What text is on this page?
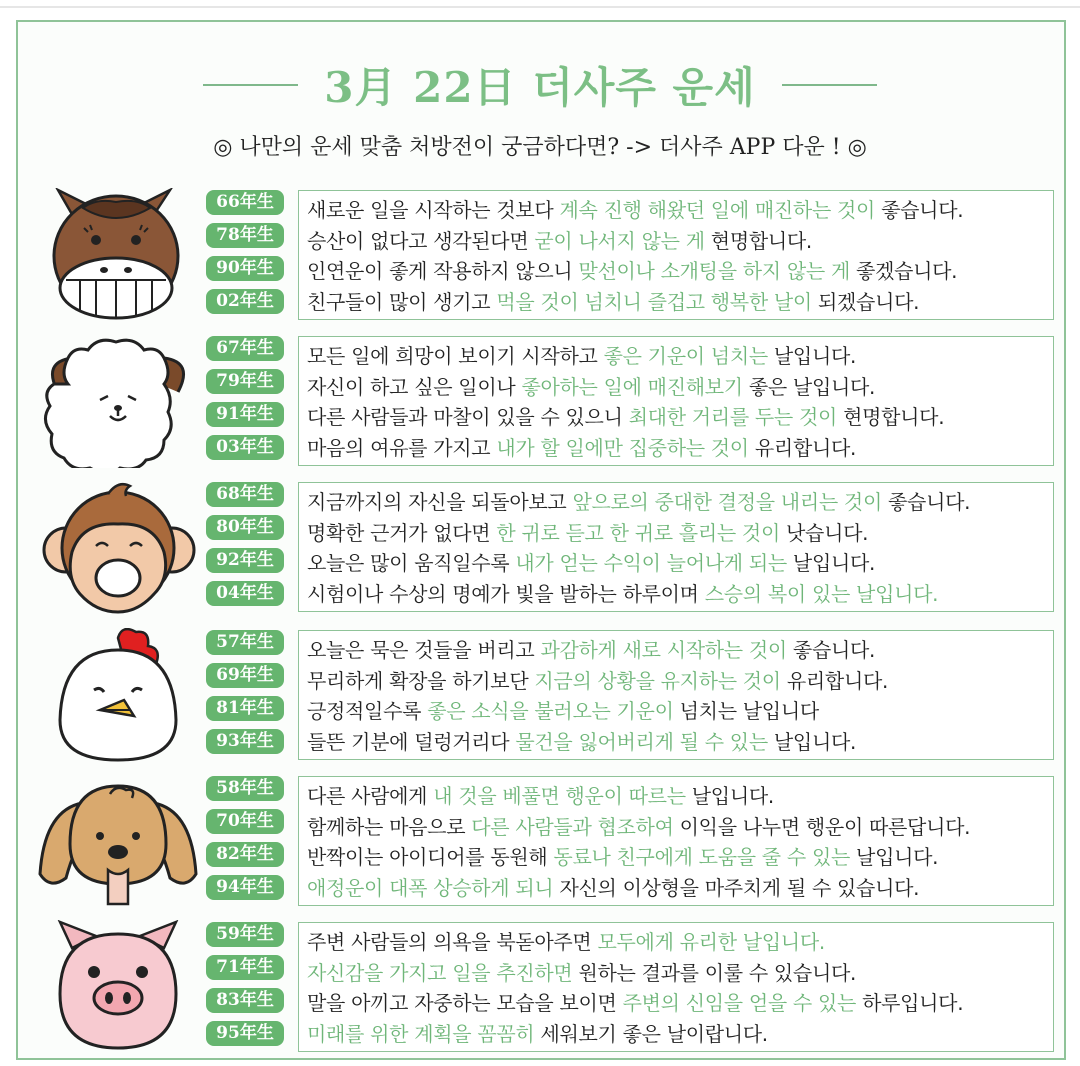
3月 22日 더사주 운세
◎ 나만의 운세 맞춤 처방전이 궁금하다면? -> 더사주 APP 다운 ! ◎
66年生
78年生
90年生
02年生
새로운 일을 시작하는 것보다 계속 진행 해왔던 일에 매진하는 것이 좋습니다.
승산이 없다고 생각된다면 굳이 나서지 않는 게 현명합니다.
인연운이 좋게 작용하지 않으니 맞선이나 소개팅을 하지 않는 게 좋겠습니다.
친구들이 많이 생기고 먹을 것이 넘치니 즐겁고 행복한 날이 되겠습니다.
67年生
79年生
91年生
03年生
모든 일에 희망이 보이기 시작하고 좋은 기운이 넘치는 날입니다.
자신이 하고 싶은 일이나 좋아하는 일에 매진해보기 좋은 날입니다.
다른 사람들과 마찰이 있을 수 있으니 최대한 거리를 두는 것이 현명합니다.
마음의 여유를 가지고 내가 할 일에만 집중하는 것이 유리합니다.
68年生
80年生
92年生
04年生
지금까지의 자신을 되돌아보고 앞으로의 중대한 결정을 내리는 것이 좋습니다.
명확한 근거가 없다면 한 귀로 듣고 한 귀로 흘리는 것이 낫습니다.
오늘은 많이 움직일수록 내가 얻는 수익이 늘어나게 되는 날입니다.
시험이나 수상의 명예가 빛을 발하는 하루이며 스승의 복이 있는 날입니다.
57年生
69年生
81年生
93年生
오늘은 묵은 것들을 버리고 과감하게 새로 시작하는 것이 좋습니다.
무리하게 확장을 하기보단 지금의 상황을 유지하는 것이 유리합니다.
긍정적일수록 좋은 소식을 불러오는 기운이 넘치는 날입니다
들뜬 기분에 덜렁거리다 물건을 잃어버리게 될 수 있는 날입니다.
58年生
70年生
82年生
94年生
다른 사람에게 내 것을 베풀면 행운이 따르는 날입니다.
함께하는 마음으로 다른 사람들과 협조하여 이익을 나누면 행운이 따른답니다.
반짝이는 아이디어를 동원해 동료나 친구에게 도움을 줄 수 있는 날입니다.
애정운이 대폭 상승하게 되니 자신의 이상형을 마주치게 될 수 있습니다.
59年生
71年生
83年生
95年生
주변 사람들의 의욕을 북돋아주면 모두에게 유리한 날입니다.
자신감을 가지고 일을 추진하면 원하는 결과를 이룰 수 있습니다.
말을 아끼고 자중하는 모습을 보이면 주변의 신임을 얻을 수 있는 하루입니다.
미래를 위한 계획을 꼼꼼히 세워보기 좋은 날이랍니다.
